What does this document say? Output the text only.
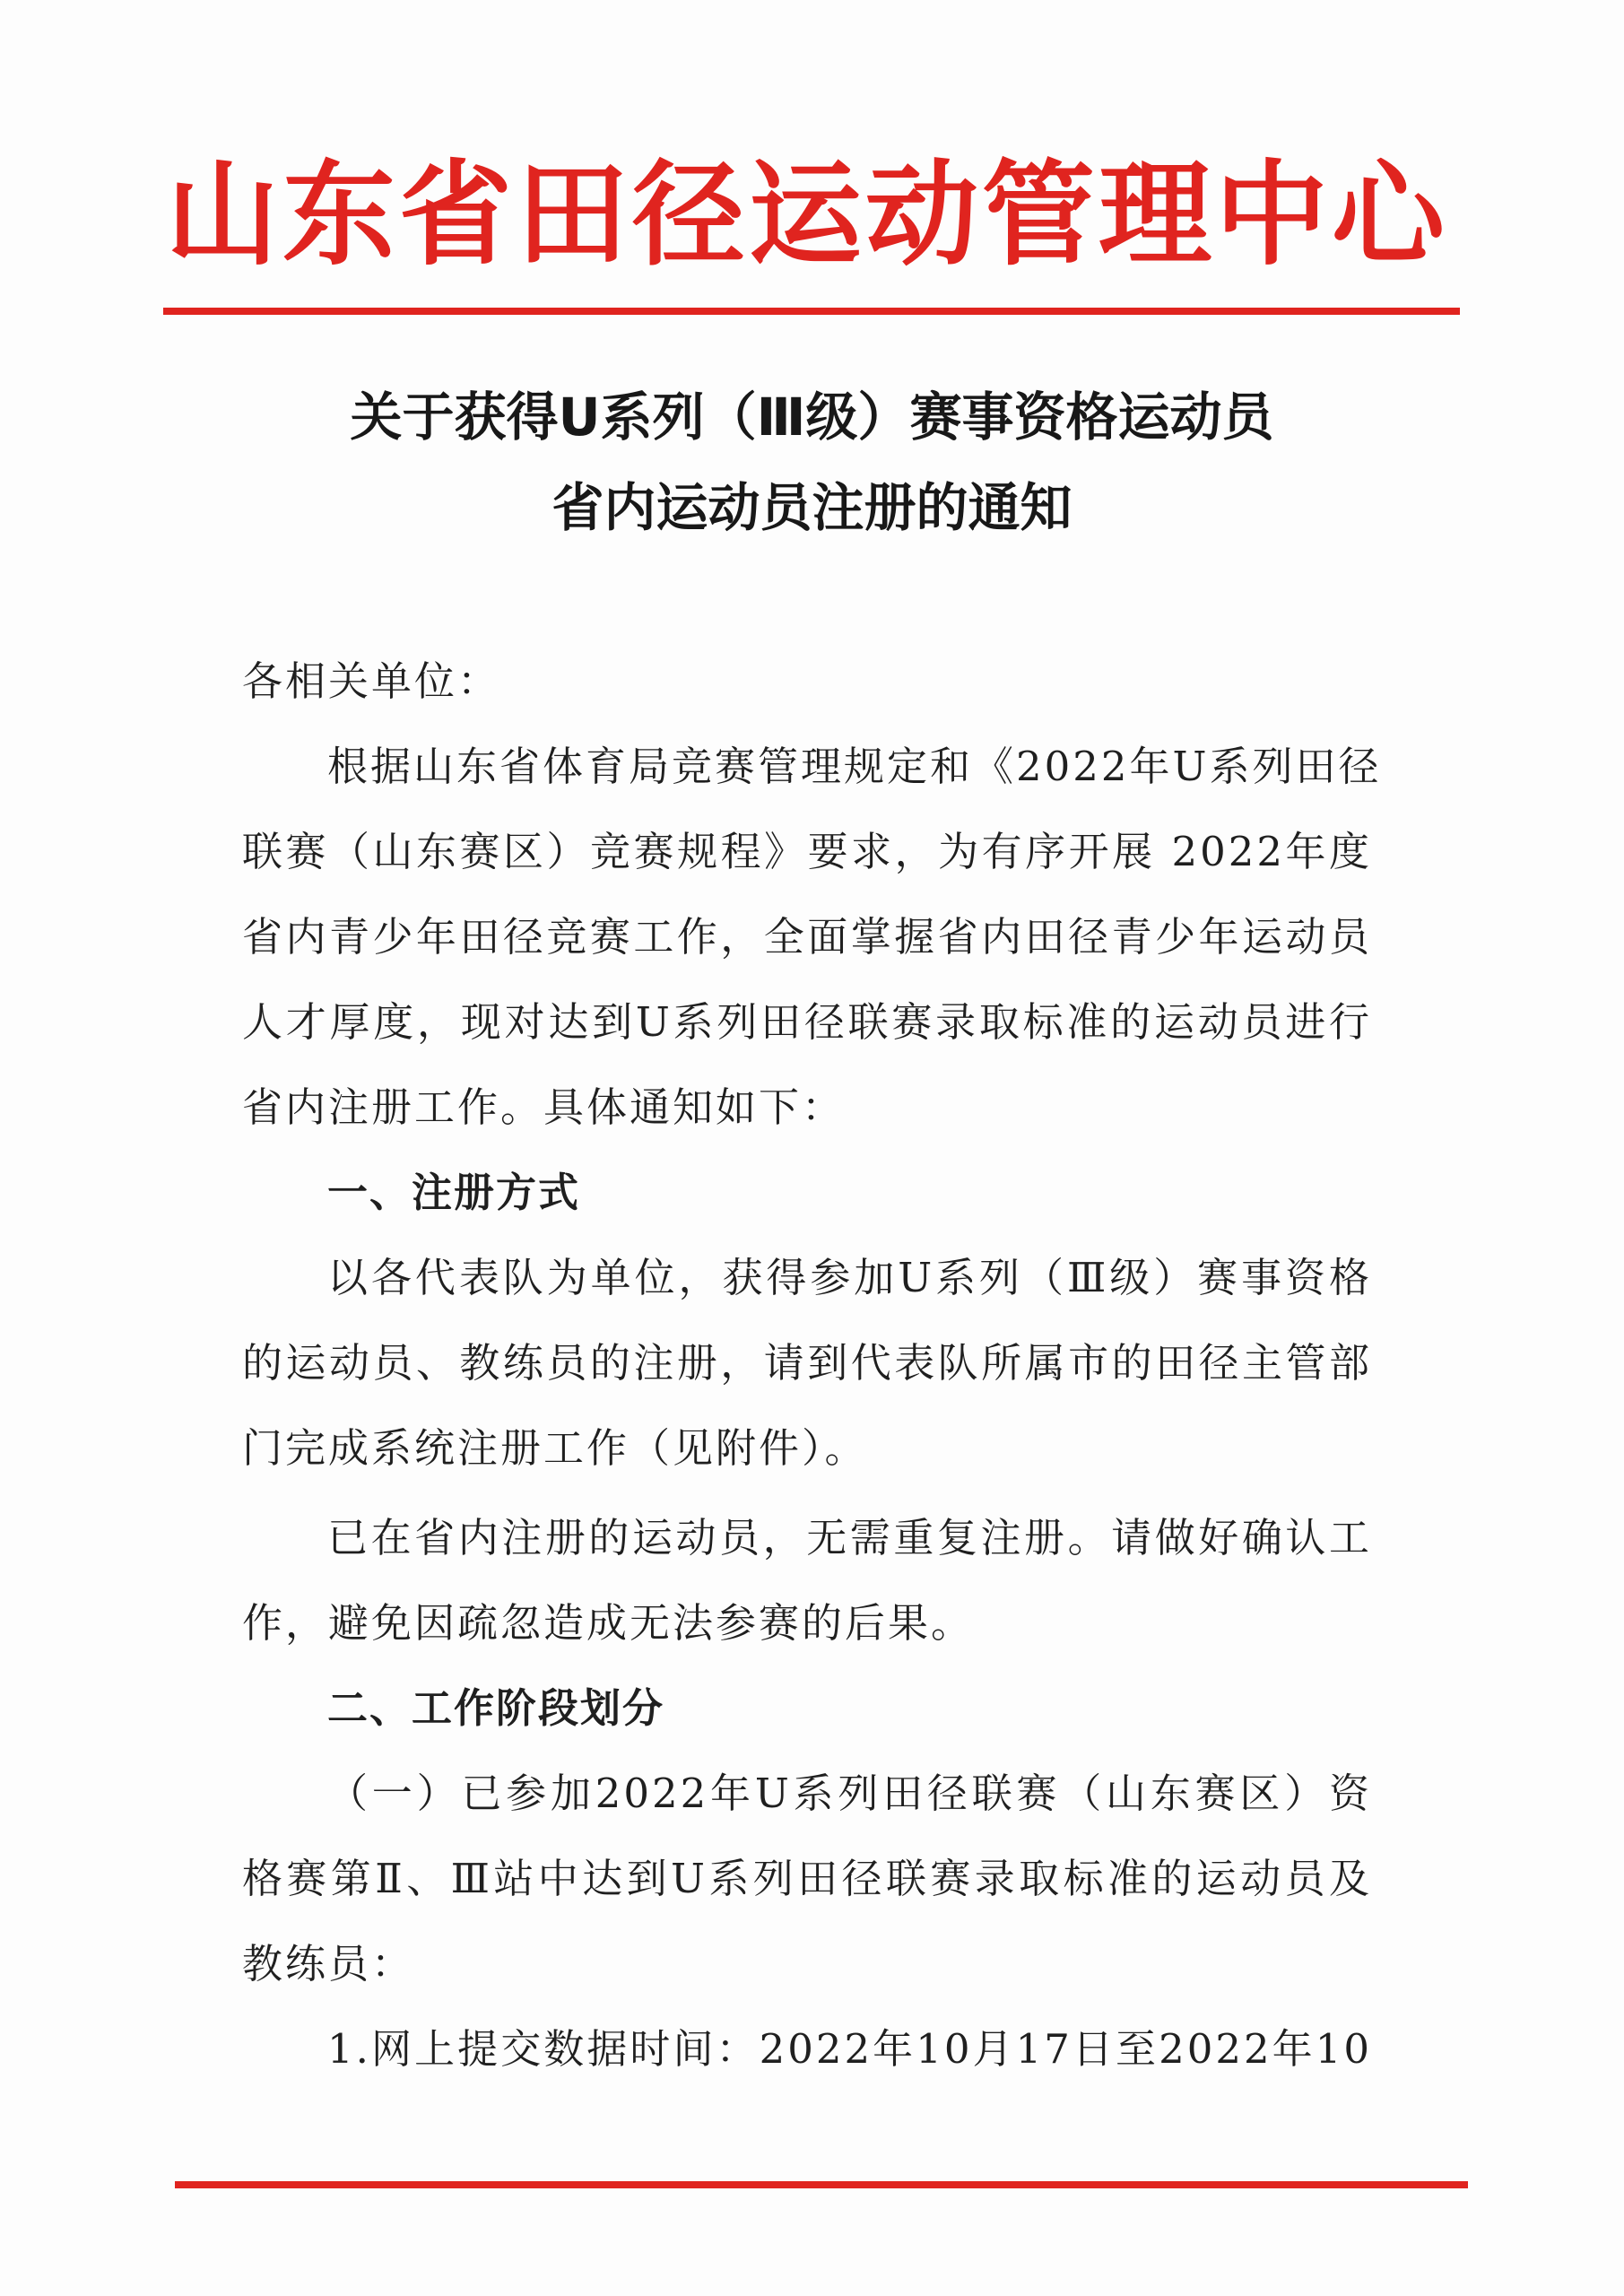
山东省田径运动管理中心
关于获得U系列（Ⅲ级）赛事资格运动员
省内运动员注册的通知
各相关单位：
根据山东省体育局竞赛管理规定和《2022年U系列田径
联赛（山东赛区）竞赛规程》要求，为有序开展 2022年度
省内青少年田径竞赛工作，全面掌握省内田径青少年运动员
人才厚度，现对达到U系列田径联赛录取标准的运动员进行
省内注册工作。具体通知如下：
一、注册方式
以各代表队为单位，获得参加U系列（Ⅲ级）赛事资格
的运动员、教练员的注册，请到代表队所属市的田径主管部
门完成系统注册工作（见附件）。
已在省内注册的运动员，无需重复注册。请做好确认工
作，避免因疏忽造成无法参赛的后果。
二、工作阶段划分
（一）已参加2022年U系列田径联赛（山东赛区）资
格赛第Ⅱ、Ⅲ站中达到U系列田径联赛录取标准的运动员及
教练员：
1.网上提交数据时间：2022年10月17日至2022年10
